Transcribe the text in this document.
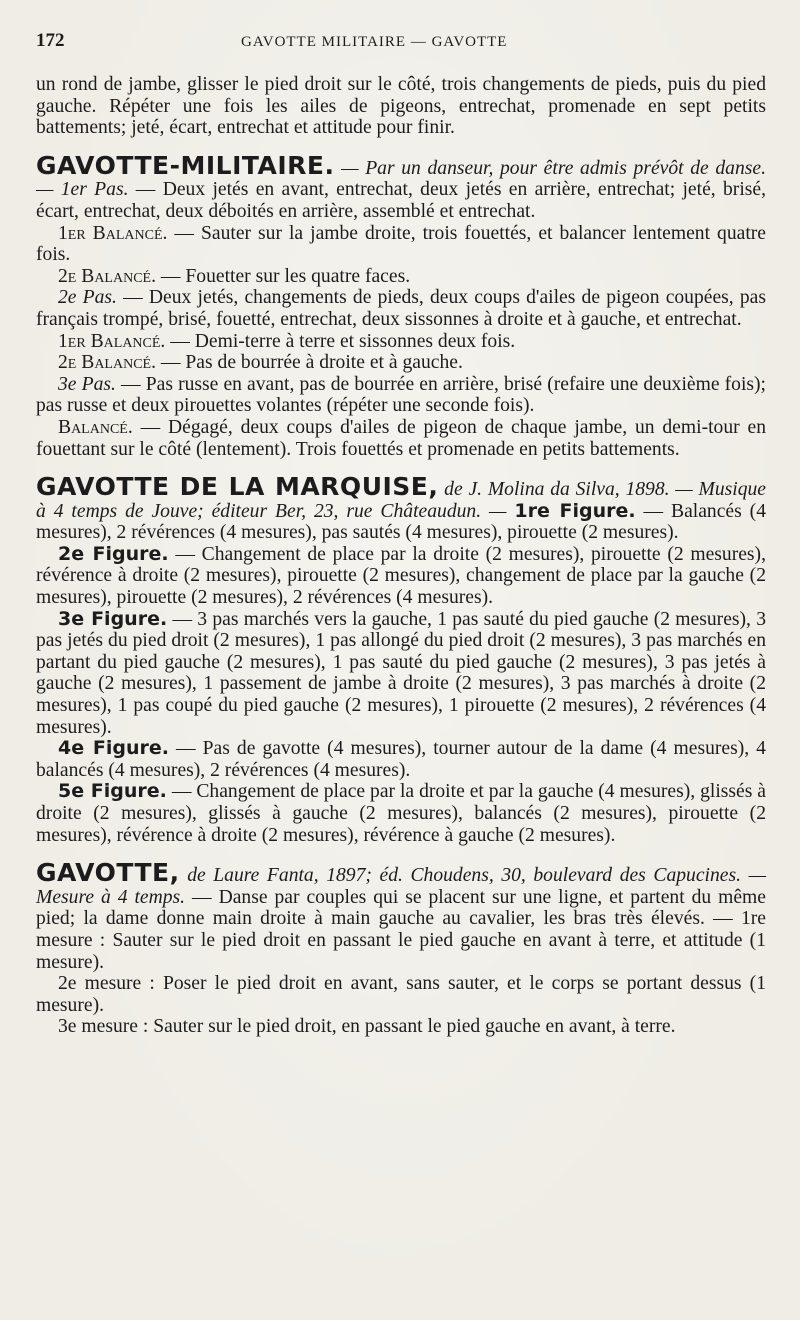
172	GAVOTTE MILITAIRE — GAVOTTE

un rond de jambe, glisser le pied droit sur le côté, trois changements de pieds, puis du pied gauche. Répéter une fois les ailes de pigeons, entrechat, promenade en sept petits battements; jeté, écart, entrechat et attitude pour finir.

GAVOTTE-MILITAIRE. — Par un danseur, pour être admis prévôt de danse. — 1er Pas. — Deux jetés en avant, entrechat, deux jetés en arrière, entrechat; jeté, brisé, écart, entrechat, deux déboités en arrière, assemblé et entrechat.

1er Balancé. — Sauter sur la jambe droite, trois fouettés, et balancer lentement quatre fois.

2e Balancé. — Fouetter sur les quatre faces.

2e Pas. — Deux jetés, changements de pieds, deux coups d'ailes de pigeon coupées, pas français trompé, brisé, fouetté, entrechat, deux sissonnes à droite et à gauche, et entrechat.

1er Balancé. — Demi-terre à terre et sissonnes deux fois.

2e Balancé. — Pas de bourrée à droite et à gauche.

3e Pas. — Pas russe en avant, pas de bourrée en arrière, brisé (refaire une deuxième fois); pas russe et deux pirouettes volantes (répéter une seconde fois).

Balancé. — Dégagé, deux coups d'ailes de pigeon de chaque jambe, un demi-tour en fouettant sur le côté (lentement). Trois fouettés et promenade en petits battements.

GAVOTTE DE LA MARQUISE, de J. Molina da Silva, 1898. — Musique à 4 temps de Jouve; éditeur Ber, 23, rue Châteaudun. — 1re Figure. — Balancés (4 mesures), 2 révérences (4 mesures), pas sautés (4 mesures), pirouette (2 mesures).

2e Figure. — Changement de place par la droite (2 mesures), pirouette (2 mesures), révérence à droite (2 mesures), pirouette (2 mesures), changement de place par la gauche (2 mesures), pirouette (2 mesures), 2 révérences (4 mesures).

3e Figure. — 3 pas marchés vers la gauche, 1 pas sauté du pied gauche (2 mesures), 3 pas jetés du pied droit (2 mesures), 1 pas allongé du pied droit (2 mesures), 3 pas marchés en partant du pied gauche (2 mesures), 1 pas sauté du pied gauche (2 mesures), 3 pas jetés à gauche (2 mesures), 1 passement de jambe à droite (2 mesures), 3 pas marchés à droite (2 mesures), 1 pas coupé du pied gauche (2 mesures), 1 pirouette (2 mesures), 2 révérences (4 mesures).

4e Figure. — Pas de gavotte (4 mesures), tourner autour de la dame (4 mesures), 4 balancés (4 mesures), 2 révérences (4 mesures).

5e Figure. — Changement de place par la droite et par la gauche (4 mesures), glissés à droite (2 mesures), glissés à gauche (2 mesures), balancés (2 mesures), pirouette (2 mesures), révérence à droite (2 mesures), révérence à gauche (2 mesures).

GAVOTTE, de Laure Fanta, 1897; éd. Choudens, 30, boulevard des Capucines. — Mesure à 4 temps. — Danse par couples qui se placent sur une ligne, et partent du même pied; la dame donne main droite à main gauche au cavalier, les bras très élevés. — 1re mesure : Sauter sur le pied droit en passant le pied gauche en avant à terre, et attitude (1 mesure).

2e mesure : Poser le pied droit en avant, sans sauter, et le corps se portant dessus (1 mesure).

3e mesure : Sauter sur le pied droit, en passant le pied gauche en avant, à terre.
